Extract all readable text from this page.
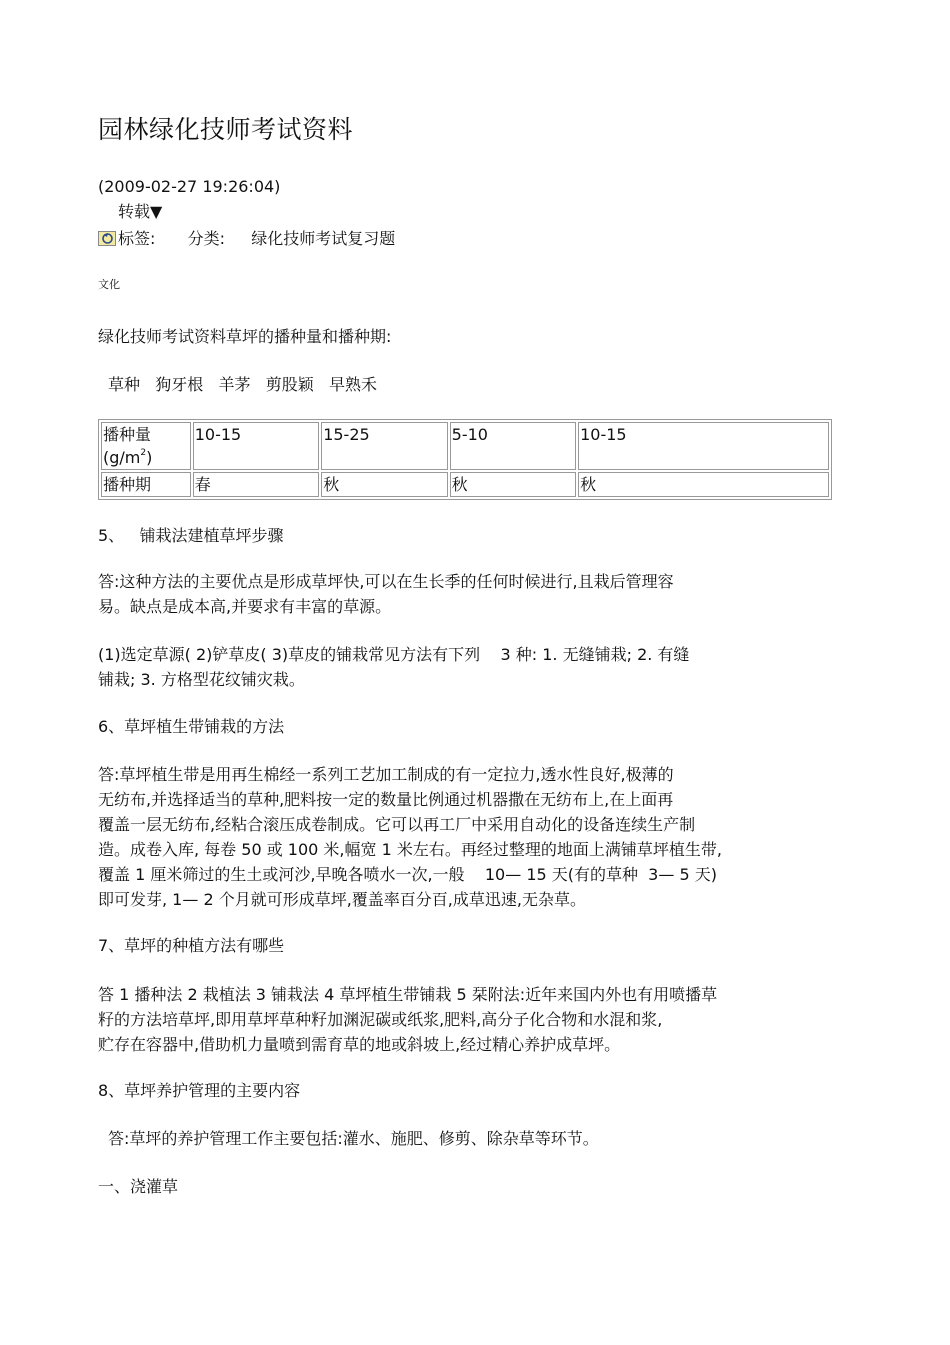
园林绿化技师考试资料
(2009-02-27 19:26:04)
转载▼
标签: 分类: 绿化技师考试复习题
文化
绿化技师考试资料草坪的播种量和播种期:
草种   狗牙根   羊茅   剪股颖   早熟禾
播种量
$(g/m^2)$	10-15	15-25	5-10	10-15
播种期	春	秋	秋	秋
5、   铺栽法建植草坪步骤
答:这种方法的主要优点是形成草坪快,可以在生长季的任何时候进行,且栽后管理容
易。缺点是成本高,并要求有丰富的草源。
(1)选定草源( 2)铲草皮( 3)草皮的铺栽常见方法有下列    3 种: 1. 无缝铺栽; 2. 有缝
铺栽; 3. 方格型花纹铺灾栽。
6、草坪植生带铺栽的方法
答:草坪植生带是用再生棉经一系列工艺加工制成的有一定拉力,透水性良好,极薄的
无纺布,并选择适当的草种,肥料按一定的数量比例通过机器撒在无纺布上,在上面再
覆盖一层无纺布,经粘合滚压成卷制成。它可以再工厂中采用自动化的设备连续生产制
造。成卷入库, 每卷 50 或 100 米,幅宽 1 米左右。再经过整理的地面上满铺草坪植生带,
覆盖 1 厘米筛过的生土或河沙,早晚各喷水一次,一般    10— 15 天(有的草种  3— 5 天)
即可发芽, 1— 2 个月就可形成草坪,覆盖率百分百,成草迅速,无杂草。
7、草坪的种植方法有哪些
答 1 播种法 2 栽植法 3 铺栽法 4 草坪植生带铺栽 5 栞附法:近年来国内外也有用喷播草
籽的方法培草坪,即用草坪草种籽加渊泥碳或纸浆,肥料,高分子化合物和水混和浆,
贮存在容器中,借助机力量喷到需育草的地或斜坡上,经过精心养护成草坪。
8、草坪养护管理的主要内容
答:草坪的养护管理工作主要包括:灌水、施肥、修剪、除杂草等环节。
一、浇灌草
